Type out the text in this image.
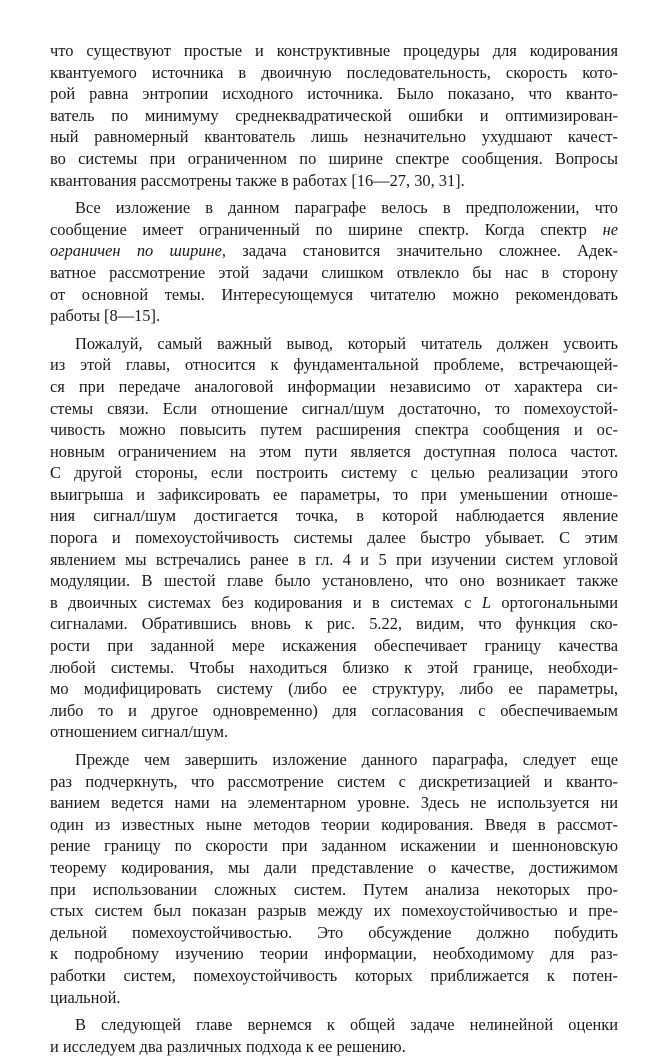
что существуют простые и конструктивные процедуры для кодирования
квантуемого источника в двоичную последовательность, скорость кото-
рой равна энтропии исходного источника. Было показано, что кванто-
ватель по минимуму среднеквадратической ошибки и оптимизирован-
ный равномерный квантователь лишь незначительно ухудшают качест-
во системы при ограниченном по ширине спектре сообщения. Вопросы
квантования рассмотрены также в работах [16—27, 30, 31].

Все изложение в данном параграфе велось в предположении, что
сообщение имеет ограниченный по ширине спектр. Когда спектр не
ограничен по ширине, задача становится значительно сложнее. Адек-
ватное рассмотрение этой задачи слишком отвлекло бы нас в сторону
от основной темы. Интересующемуся читателю можно рекомендовать
работы [8—15].

Пожалуй, самый важный вывод, который читатель должен усвоить
из этой главы, относится к фундаментальной проблеме, встречающей-
ся при передаче аналоговой информации независимо от характера си-
стемы связи. Если отношение сигнал/шум достаточно, то помехоустой-
чивость можно повысить путем расширения спектра сообщения и ос-
новным ограничением на этом пути является доступная полоса частот.
С другой стороны, если построить систему с целью реализации этого
выигрыша и зафиксировать ее параметры, то при уменьшении отноше-
ния сигнал/шум достигается точка, в которой наблюдается явление
порога и помехоустойчивость системы далее быстро убывает. С этим
явлением мы встречались ранее в гл. 4 и 5 при изучении систем угловой
модуляции. В шестой главе было установлено, что оно возникает также
в двоичных системах без кодирования и в системах с L ортогональными
сигналами. Обратившись вновь к рис. 5.22, видим, что функция ско-
рости при заданной мере искажения обеспечивает границу качества
любой системы. Чтобы находиться близко к этой границе, необходи-
мо модифицировать систему (либо ее структуру, либо ее параметры,
либо то и другое одновременно) для согласования с обеспечиваемым
отношением сигнал/шум.

Прежде чем завершить изложение данного параграфа, следует еще
раз подчеркнуть, что рассмотрение систем с дискретизацией и кванто-
ванием ведется нами на элементарном уровне. Здесь не используется ни
один из известных ныне методов теории кодирования. Введя в рассмот-
рение границу по скорости при заданном искажении и шенноновскую
теорему кодирования, мы дали представление о качестве, достижимом
при использовании сложных систем. Путем анализа некоторых про-
стых систем был показан разрыв между их помехоустойчивостью и пре-
дельной помехоустойчивостью. Это обсуждение должно побудить
к подробному изучению теории информации, необходимому для раз-
работки систем, помехоустойчивость которых приближается к потен-
циальной.

В следующей главе вернемся к общей задаче нелинейной оценки
и исследуем два различных подхода к ее решению.
